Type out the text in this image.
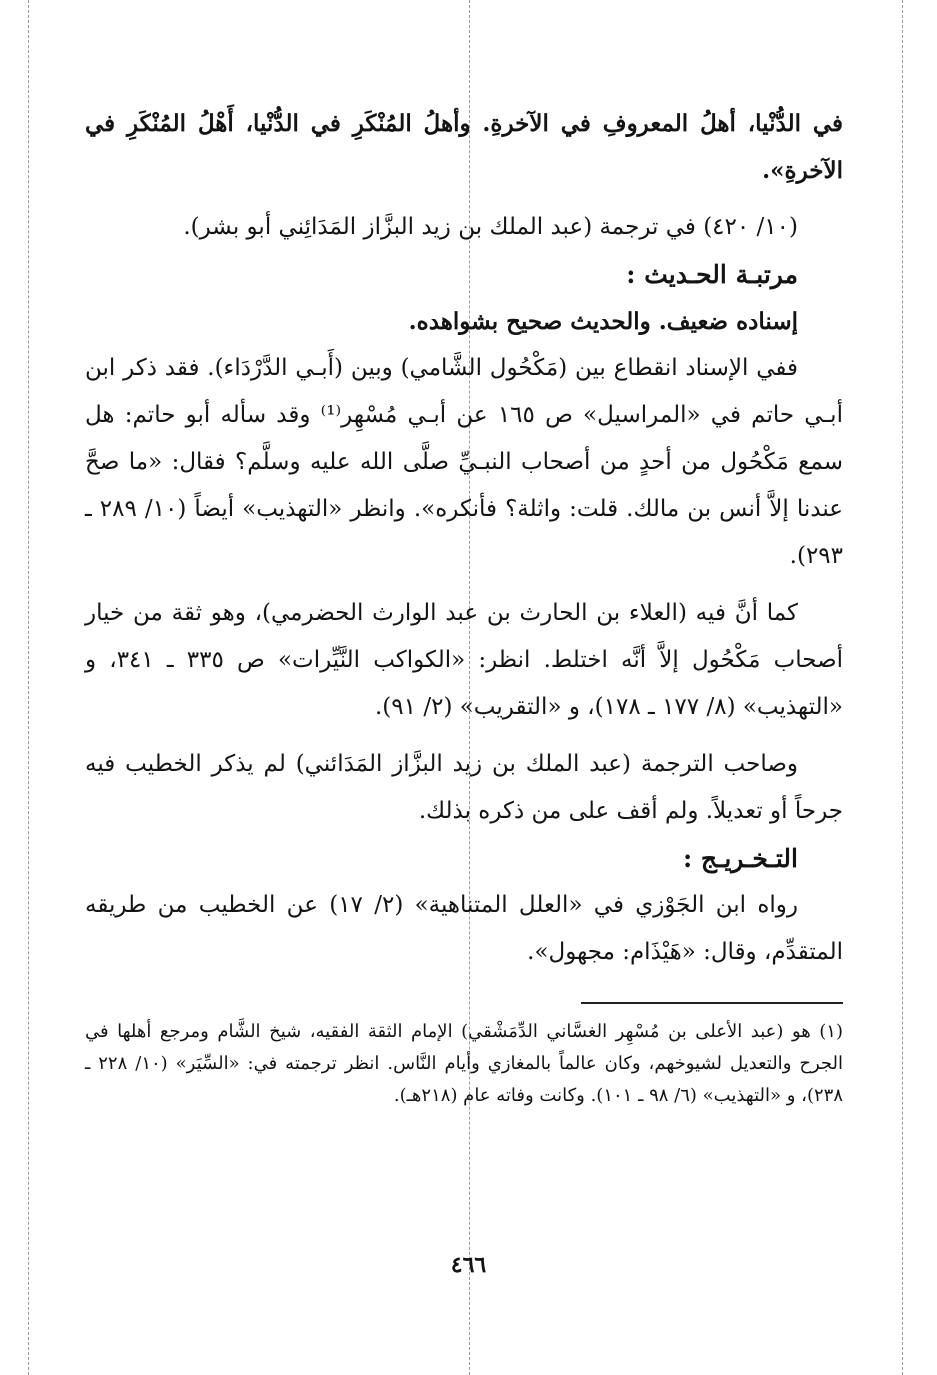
في الدُّنْيا، أهلُ المعروفِ في الآخرةِ. وأهلُ المُنْكَرِ في الدُّنْيا، أَهْلُ المُنْكَرِ في الآخرةِ».

(١٠/ ٤٢٠) في ترجمة (عبد الملك بن زيد البزَّاز المَدَائِني أبو بشر).

مرتبـة الحـديث :

إسناده ضعيف. والحديث صحيح بشواهده.

ففي الإسناد انقطاع بين (مَكْحُول الشَّامي) وبين (أَبـي الدَّرْدَاء). فقد ذكر ابن أبـي حاتم في «المراسيل» ص ١٦٥ عن أبـي مُسْهِر⁽¹⁾ وقد سأله أبو حاتم: هل سمع مَكْحُول من أحدٍ من أصحاب النبـيِّ صلَّى الله عليه وسلَّم؟ فقال: «ما صحَّ عندنا إلاَّ أنس بن مالك. قلت: واثلة؟ فأنكره». وانظر «التهذيب» أيضاً (١٠/ ٢٨٩ ـ ٢٩٣).

كما أنَّ فيه (العلاء بن الحارث بن عبد الوارث الحضرمي)، وهو ثقة من خيار أصحاب مَكْحُول إلاَّ أنَّه اختلط. انظر: «الكواكب النَّيِّرات» ص ٣٣٥ ـ ٣٤١، و «التهذيب» (٨/ ١٧٧ ـ ١٧٨)، و «التقريب» (٢/ ٩١).

وصاحب الترجمة (عبد الملك بن زيد البزَّاز المَدَائني) لم يذكر الخطيب فيه جرحاً أو تعديلاً. ولم أقف على من ذكره بذلك.

التـخـريـج :

رواه ابن الجَوْزي في «العلل المتناهية» (٢/ ١٧) عن الخطيب من طريقه المتقدِّم، وقال: «هَيْذَام: مجهول».

(١) هو (عبد الأعلى بن مُسْهِر الغسَّاني الدِّمَشْقي) الإمام الثقة الفقيه، شيخ الشَّام ومرجع أهلها في الجرح والتعديل لشيوخهم، وكان عالماً بالمغازي وأيام النَّاس. انظر ترجمته في: «السِّيَر» (١٠/ ٢٢٨ ـ ٢٣٨)، و «التهذيب» (٦/ ٩٨ ـ ١٠١). وكانت وفاته عام (٢١٨هـ).

٤٦٦
